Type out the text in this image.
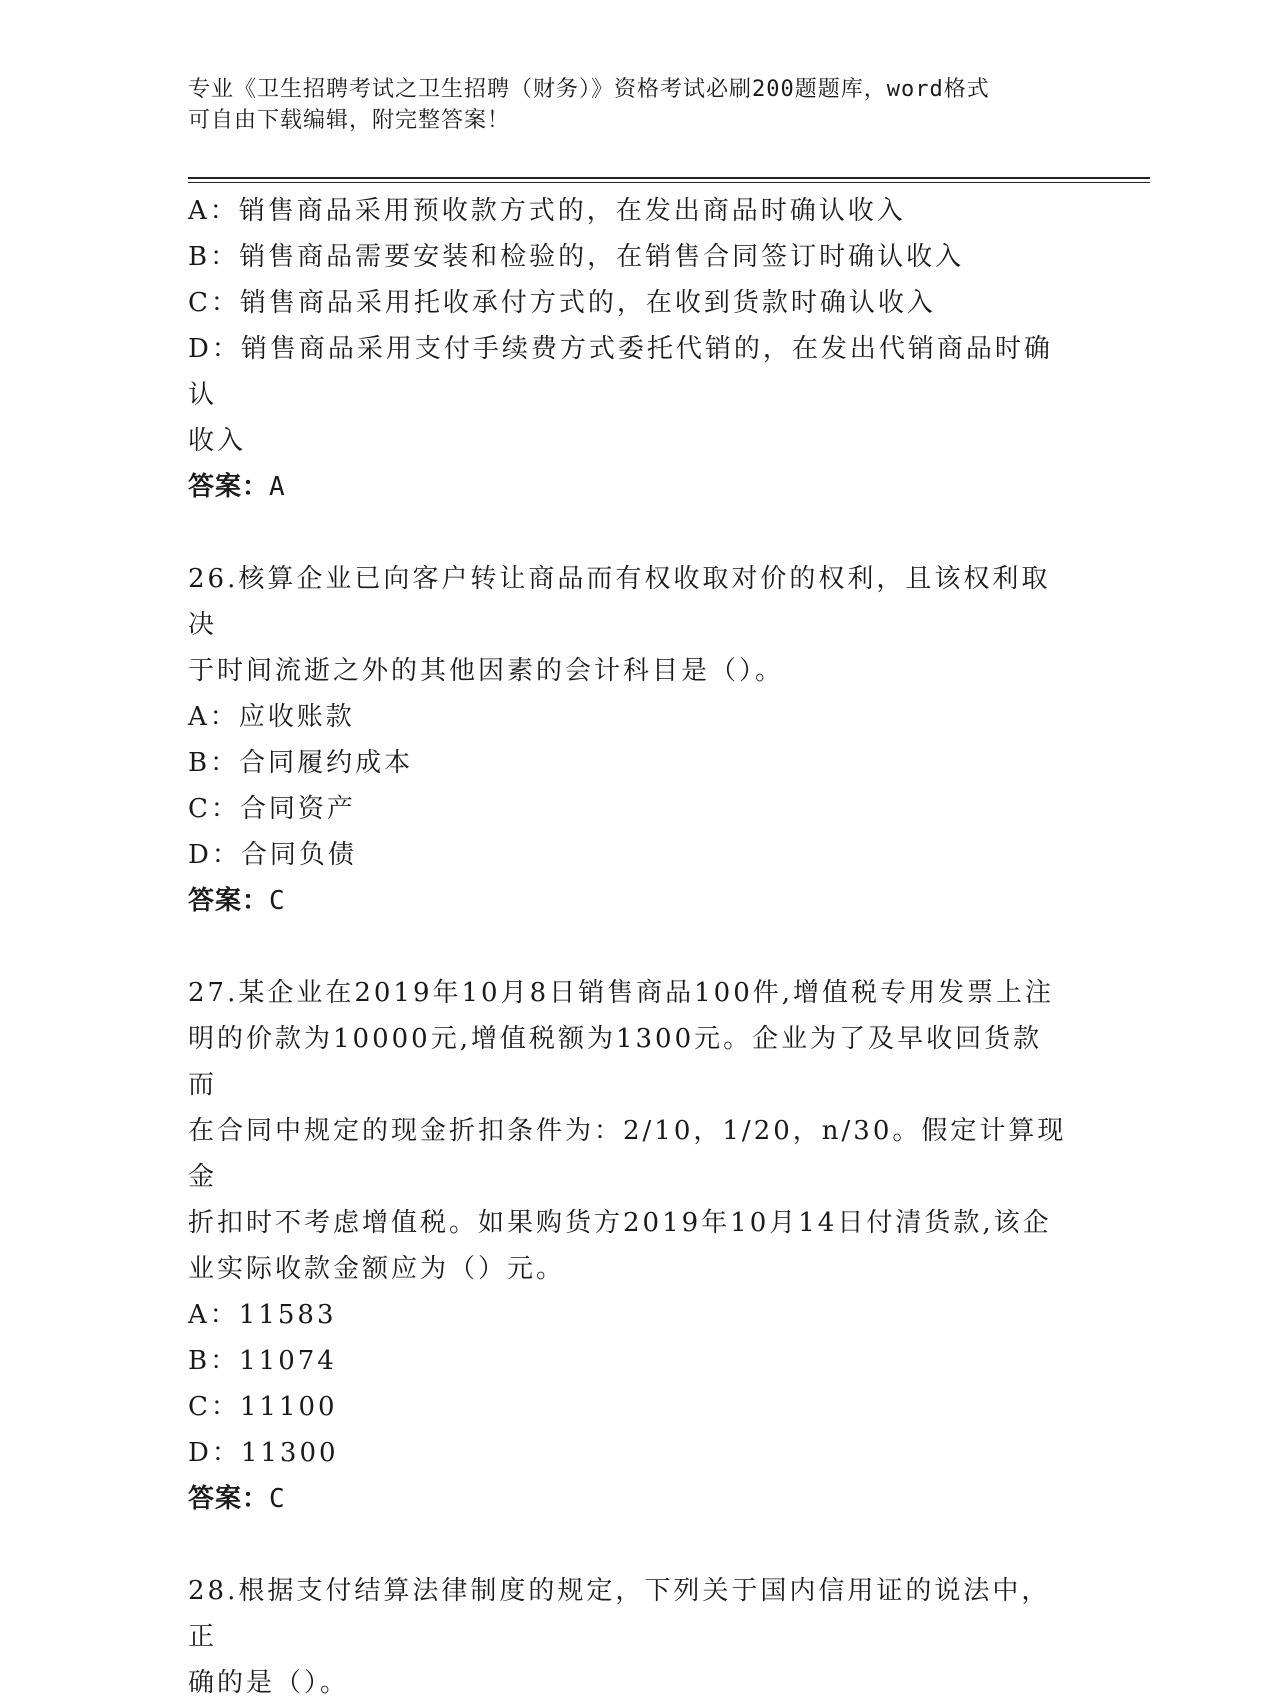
专业《卫生招聘考试之卫生招聘（财务）》资格考试必刷200题题库，word格式
可自由下载编辑，附完整答案！
A：销售商品采用预收款方式的，在发出商品时确认收入
B：销售商品需要安装和检验的，在销售合同签订时确认收入
C：销售商品采用托收承付方式的，在收到货款时确认收入
D：销售商品采用支付手续费方式委托代销的，在发出代销商品时确认
收入
答案：A
26.核算企业已向客户转让商品而有权收取对价的权利，且该权利取决
于时间流逝之外的其他因素的会计科目是（）。
A：应收账款
B：合同履约成本
C：合同资产
D：合同负债
答案：C
27.某企业在2019年10月8日销售商品100件,增值税专用发票上注
明的价款为10000元,增值税额为1300元。企业为了及早收回货款而
在合同中规定的现金折扣条件为：2/10，1/20，n/30。假定计算现金
折扣时不考虑增值税。如果购货方2019年10月14日付清货款,该企
业实际收款金额应为（）元。
A：11583
B：11074
C：11100
D：11300
答案：C
28.根据支付结算法律制度的规定，下列关于国内信用证的说法中，正
确的是（）。
